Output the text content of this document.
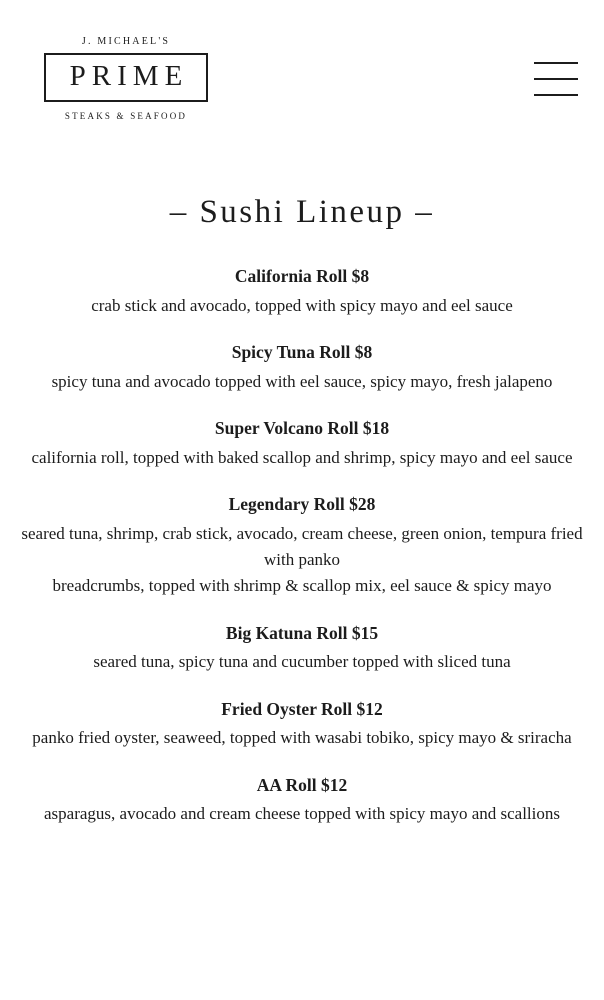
J. MICHAEL'S
PRIME
STEAKS & SEAFOOD
– Sushi Lineup –
California Roll $8
crab stick and avocado, topped with spicy mayo and eel sauce
Spicy Tuna Roll $8
spicy tuna and avocado topped with eel sauce, spicy mayo, fresh jalapeno
Super Volcano Roll $18
california roll, topped with baked scallop and shrimp, spicy mayo and eel sauce
Legendary Roll $28
seared tuna, shrimp, crab stick, avocado, cream cheese, green onion, tempura fried with panko
breadcrumbs, topped with shrimp & scallop mix, eel sauce & spicy mayo
Big Katuna Roll $15
seared tuna, spicy tuna and cucumber topped with sliced tuna
Fried Oyster Roll $12
panko fried oyster, seaweed, topped with wasabi tobiko, spicy mayo & sriracha
AA Roll $12
asparagus, avocado and cream cheese topped with spicy mayo and scallions
